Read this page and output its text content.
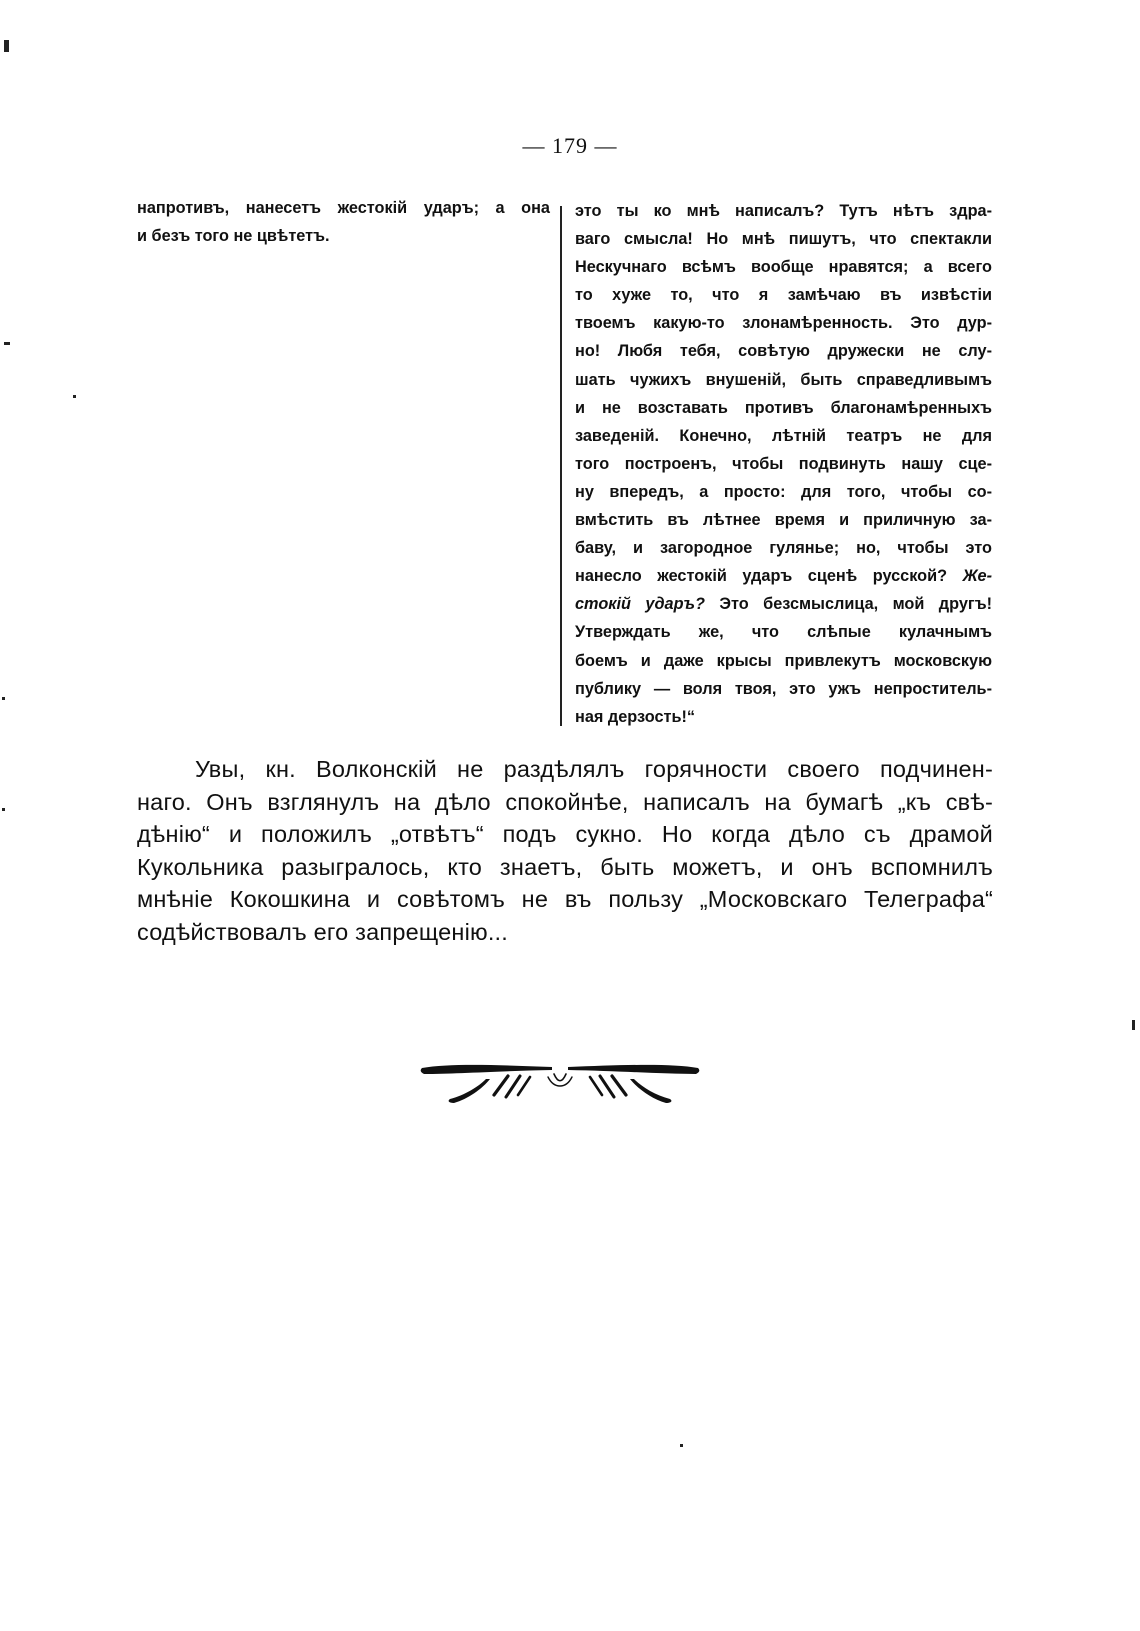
— 179 —
напротивъ, нанесетъ жестокій ударъ; а она
и безъ того не цвѣтетъ.
это ты ко мнѣ написалъ? Тутъ нѣтъ здра-
ваго смысла! Но мнѣ пишутъ, что спектакли
Нескучнаго всѣмъ вообще нравятся; а всего
то хуже то, что я замѣчаю въ извѣстіи
твоемъ какую-то злонамѣренность. Это дур-
но! Любя тебя, совѣтую дружески не слу-
шать чужихъ внушеній, быть справедливымъ
и не возставать противъ благонамѣренныхъ
заведеній. Конечно, лѣтній театръ не для
того построенъ, чтобы подвинуть нашу сце-
ну впередъ, а просто: для того, чтобы со-
вмѣстить въ лѣтнее время и приличную за-
баву, и загородное гулянье; но, чтобы это
нанесло жестокій ударъ сценѣ русской? Же-
стокій ударъ? Это безсмыслица, мой другъ!
Утверждать же, что слѣпые кулачнымъ
боемъ и даже крысы привлекутъ московскую
публику — воля твоя, это ужъ непроститель-
ная дерзость!“
Увы, кн. Волконскій не раздѣлялъ горячности своего подчинен-
наго. Онъ взглянулъ на дѣло спокойнѣе, написалъ на бумагѣ „къ свѣ-
дѣнію“ и положилъ „отвѣтъ“ подъ сукно. Но когда дѣло съ драмой
Кукольника разыгралось, кто знаетъ, быть можетъ, и онъ вспомнилъ
мнѣніе Кокошкина и совѣтомъ не въ пользу „Московскаго Телеграфа“
содѣйствовалъ его запрещенію...
